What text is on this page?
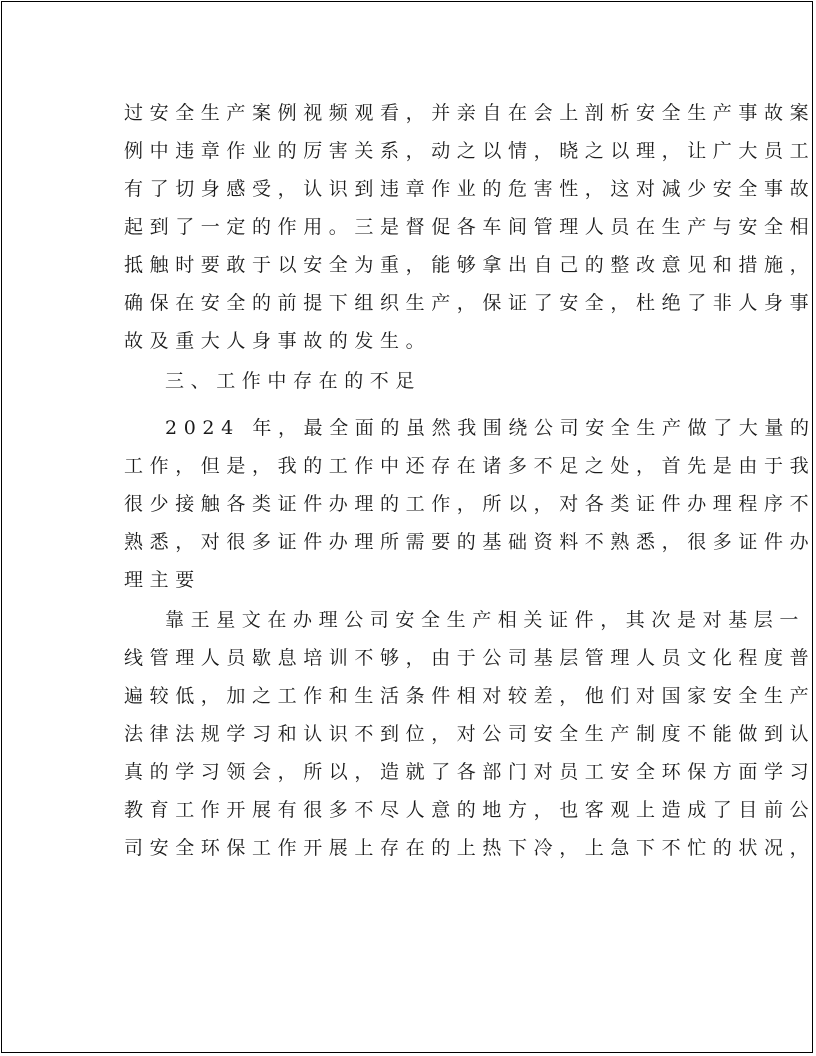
过安全生产案例视频观看，并亲自在会上剖析安全生产事故案
例中违章作业的厉害关系，动之以情，晓之以理，让广大员工
有了切身感受，认识到违章作业的危害性，这对减少安全事故
起到了一定的作用。三是督促各车间管理人员在生产与安全相
抵触时要敢于以安全为重，能够拿出自己的整改意见和措施，
确保在安全的前提下组织生产，保证了安全，杜绝了非人身事
故及重大人身事故的发生。
三、工作中存在的不足
2024 年，最全面的虽然我围绕公司安全生产做了大量的
工作，但是，我的工作中还存在诸多不足之处，首先是由于我
很少接触各类证件办理的工作，所以，对各类证件办理程序不
熟悉，对很多证件办理所需要的基础资料不熟悉，很多证件办
理主要
靠王星文在办理公司安全生产相关证件，其次是对基层一
线管理人员歇息培训不够，由于公司基层管理人员文化程度普
遍较低，加之工作和生活条件相对较差，他们对国家安全生产
法律法规学习和认识不到位，对公司安全生产制度不能做到认
真的学习领会，所以，造就了各部门对员工安全环保方面学习
教育工作开展有很多不尽人意的地方，也客观上造成了目前公
司安全环保工作开展上存在的上热下冷，上急下不忙的状况，
